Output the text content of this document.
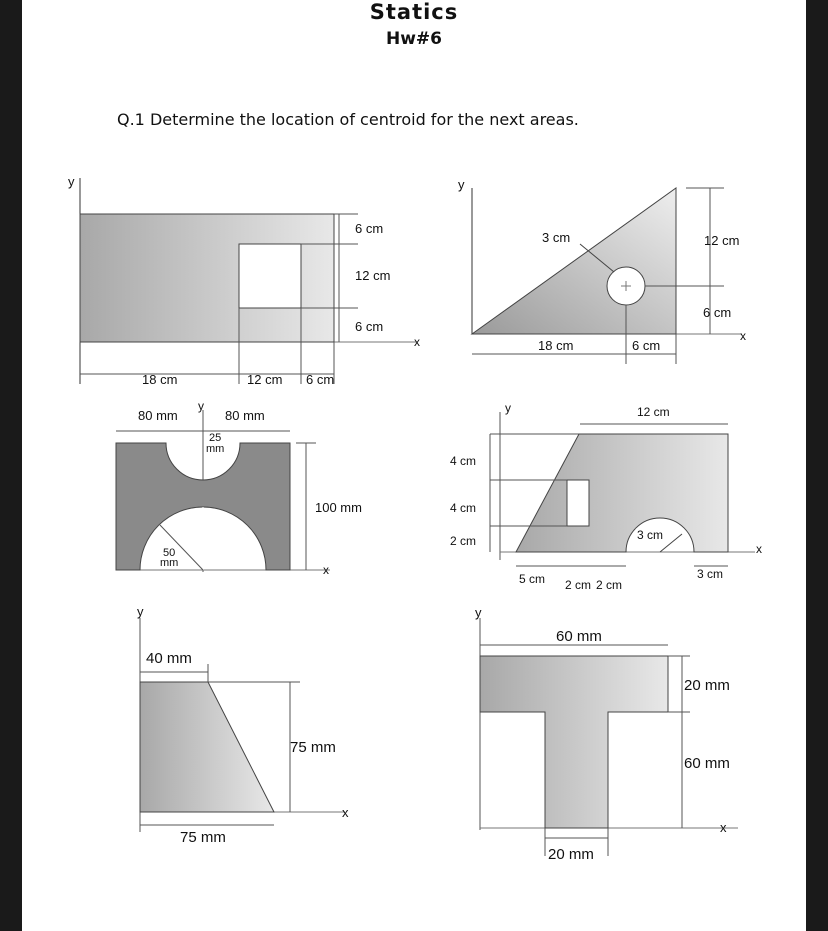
Statics
Hw#6
Q.1 Determine the location of centroid for the next areas.
y
x
6 cm
12 cm
6 cm
18 cm	12 cm 6 cm
y
x
3 cm	12 cm
6 cm
18 cm	6 cm
y
x
80 mm	80 mm
25
mm
100 mm
50
mm
y
x
12 cm
4 cm
4 cm
2 cm	3 cm
5 cm 2 cm 2 cm
3 cm
y
x
40 mm
75 mm
75 mm
y
x
60 mm
20 mm
60 mm
20 mm
